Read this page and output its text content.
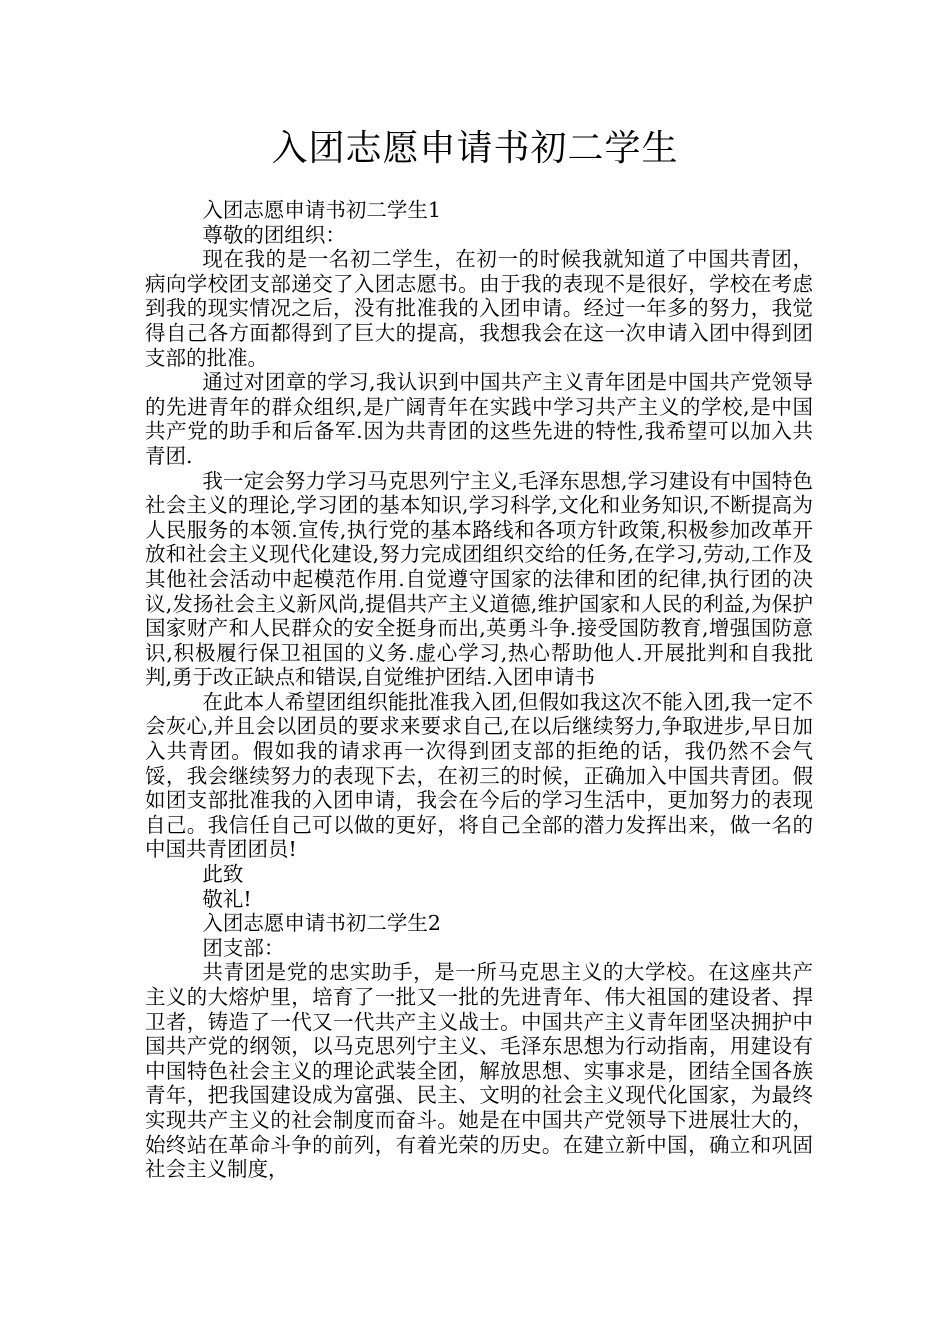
入团志愿申请书初二学生

入团志愿申请书初二学生1

尊敬的团组织：

现在我的是一名初二学生，在初一的时候我就知道了中国共青团，病向学校团支部递交了入团志愿书。由于我的表现不是很好，学校在考虑到我的现实情况之后，没有批准我的入团申请。经过一年多的努力，我觉得自己各方面都得到了巨大的提高，我想我会在这一次申请入团中得到团支部的批准。

通过对团章的学习,我认识到中国共产主义青年团是中国共产党领导的先进青年的群众组织,是广阔青年在实践中学习共产主义的学校,是中国共产党的助手和后备军.因为共青团的这些先进的特性,我希望可以加入共青团.

我一定会努力学习马克思列宁主义,毛泽东思想,学习建设有中国特色社会主义的理论,学习团的基本知识,学习科学,文化和业务知识,不断提高为人民服务的本领.宣传,执行党的基本路线和各项方针政策,积极参加改革开放和社会主义现代化建设,努力完成团组织交给的任务,在学习,劳动,工作及其他社会活动中起模范作用.自觉遵守国家的法律和团的纪律,执行团的决议,发扬社会主义新风尚,提倡共产主义道德,维护国家和人民的利益,为保护国家财产和人民群众的安全挺身而出,英勇斗争.接受国防教育,增强国防意识,积极履行保卫祖国的义务.虚心学习,热心帮助他人.开展批判和自我批判,勇于改正缺点和错误,自觉维护团结.入团申请书

在此本人希望团组织能批准我入团,但假如我这次不能入团,我一定不会灰心,并且会以团员的要求来要求自己,在以后继续努力,争取进步,早日加入共青团。假如我的请求再一次得到团支部的拒绝的话，我仍然不会气馁，我会继续努力的表现下去，在初三的时候，正确加入中国共青团。假如团支部批准我的入团申请，我会在今后的学习生活中，更加努力的表现自己。我信任自己可以做的更好，将自己全部的潜力发挥出来，做一名的中国共青团团员!

此致

敬礼!

入团志愿申请书初二学生2

团支部：

共青团是党的忠实助手，是一所马克思主义的大学校。在这座共产主义的大熔炉里，培育了一批又一批的先进青年、伟大祖国的建设者、捍卫者，铸造了一代又一代共产主义战士。中国共产主义青年团坚决拥护中国共产党的纲领，以马克思列宁主义、毛泽东思想为行动指南，用建设有中国特色社会主义的理论武装全团，解放思想、实事求是，团结全国各族青年，把我国建设成为富强、民主、文明的社会主义现代化国家，为最终实现共产主义的社会制度而奋斗。她是在中国共产党领导下进展壮大的，始终站在革命斗争的前列，有着光荣的历史。在建立新中国，确立和巩固社会主义制度，
